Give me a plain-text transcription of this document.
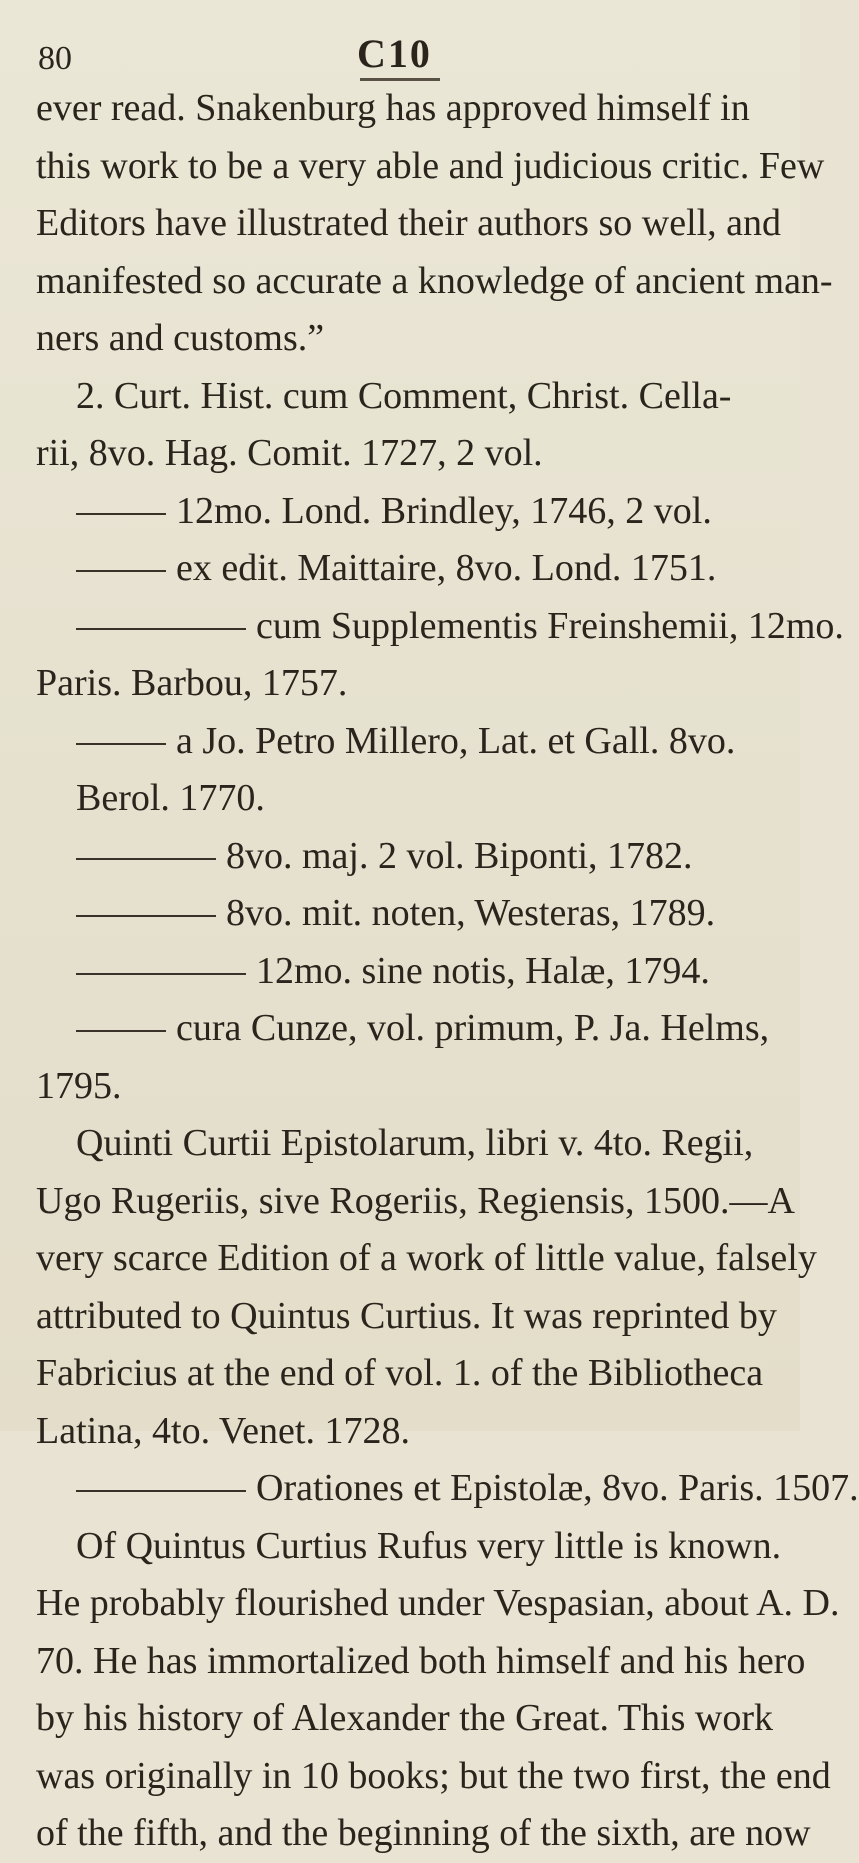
80	C10
ever read. Snakenburg has approved himself in
this work to be a very able and judicious critic. Few
Editors have illustrated their authors so well, and
manifested so accurate a knowledge of ancient man-
ners and customs.”
2. Curt. Hist. cum Comment, Christ. Cella-
rii, 8vo. Hag. Comit. 1727, 2 vol.
12mo. Lond. Brindley, 1746, 2 vol.
ex edit. Maittaire, 8vo. Lond. 1751.
cum Supplementis Freinshemii, 12mo.
Paris. Barbou, 1757.
a Jo. Petro Millero, Lat. et Gall. 8vo.
Berol. 1770.
8vo. maj. 2 vol. Biponti, 1782.
8vo. mit. noten, Westeras, 1789.
12mo. sine notis, Halæ, 1794.
cura Cunze, vol. primum, P. Ja. Helms,
1795.
Quinti Curtii Epistolarum, libri v. 4to. Regii,
Ugo Rugeriis, sive Rogeriis, Regiensis, 1500.—A
very scarce Edition of a work of little value, falsely
attributed to Quintus Curtius. It was reprinted by
Fabricius at the end of vol. 1. of the Bibliotheca
Latina, 4to. Venet. 1728.
Orationes et Epistolæ, 8vo. Paris. 1507.
Of Quintus Curtius Rufus very little is known.
He probably flourished under Vespasian, about A. D.
70. He has immortalized both himself and his hero
by his history of Alexander the Great. This work
was originally in 10 books; but the two first, the end
of the fifth, and the beginning of the sixth, are now
